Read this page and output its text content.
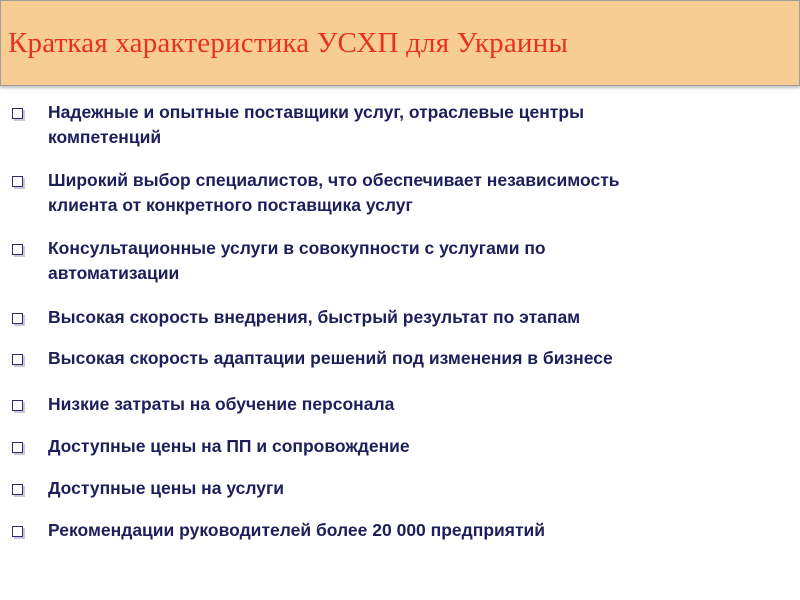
Краткая характеристика УСХП для Украины
Надежные и опытные поставщики услуг, отраслевые центры
компетенций
Широкий выбор специалистов, что обеспечивает независимость
клиента от конкретного поставщика услуг
Консультационные услуги в совокупности с услугами по
автоматизации
Высокая скорость внедрения, быстрый результат по этапам
Высокая скорость адаптации решений под изменения в бизнесе
Низкие затраты на обучение персонала
Доступные цены на ПП и сопровождение
Доступные цены на услуги
Рекомендации руководителей более 20 000 предприятий
